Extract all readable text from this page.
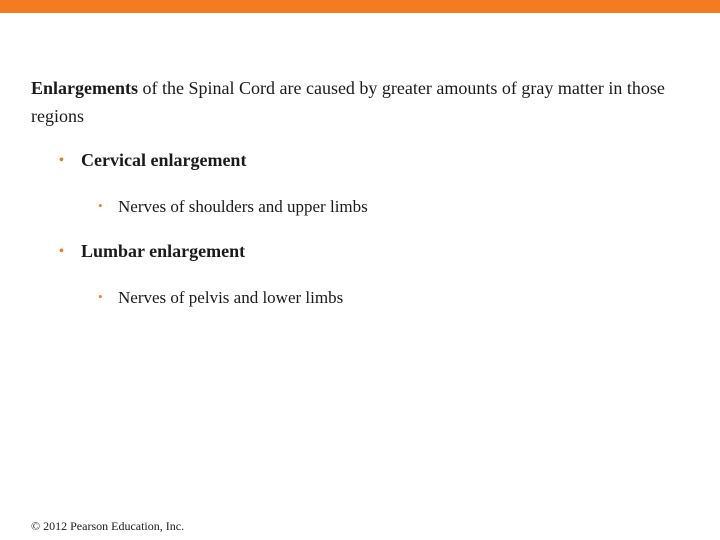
Enlargements of the Spinal Cord are caused by greater amounts of gray matter in those regions
• Cervical enlargement
• Nerves of shoulders and upper limbs
• Lumbar enlargement
• Nerves of pelvis and lower limbs
© 2012 Pearson Education, Inc.
